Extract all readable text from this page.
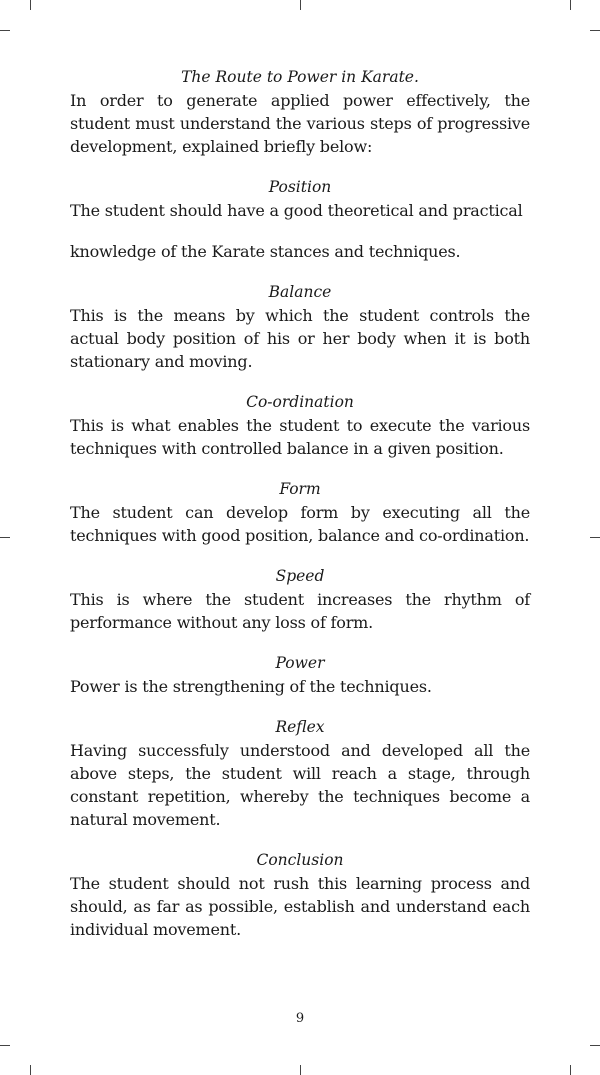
The Route to Power in Karate.

In order to generate applied power effectively, the student must understand the various steps of progressive development, explained briefly below:

Position

The student should have a good theoretical and practical

knowledge of the Karate stances and techniques.

Balance

This is the means by which the student controls the actual body position of his or her body when it is both stationary and moving.

Co-ordination

This is what enables the student to execute the various techniques with controlled balance in a given position.

Form

The student can develop form by executing all the techniques with good position, balance and co-ordination.

Speed

This is where the student increases the rhythm of performance without any loss of form.

Power

Power is the strengthening of the techniques.

Reflex

Having successfuly understood and developed all the above steps, the student will reach a stage, through constant repetition, whereby the techniques become a natural movement.

Conclusion

The student should not rush this learning process and should, as far as possible, establish and understand each individual movement.

9
